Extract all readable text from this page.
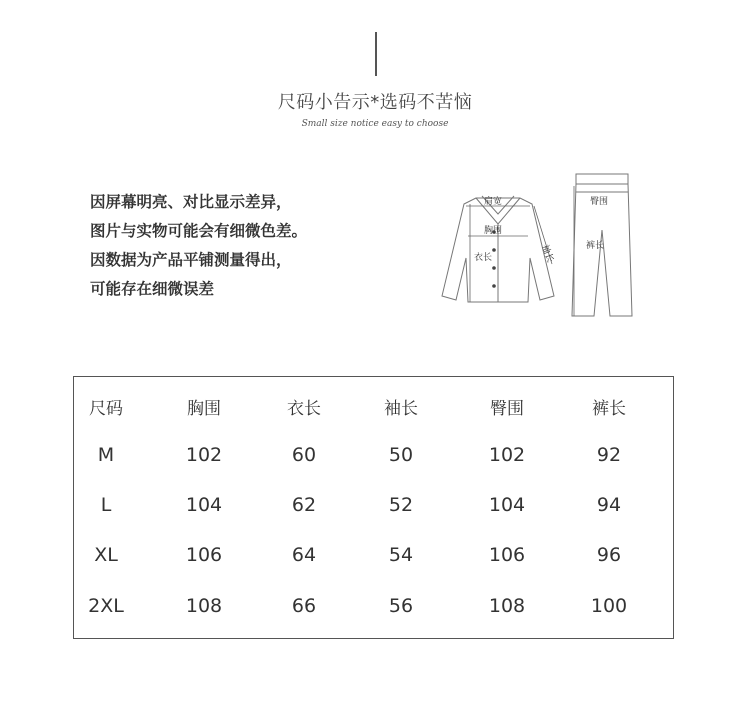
尺码小告示*选码不苦恼
Small size notice easy to choose
因屏幕明亮、对比显示差异，
图片与实物可能会有细微色差。
因数据为产品平铺测量得出，
可能存在细微误差
肩宽
胸围
臀围
衣长	袖长	裤长
尺码	胸围	衣长	袖长	臀围	裤长
M	102	60	50	102	92
L	104	62	52	104	94
XL	106	64	54	106	96
2XL	108	66	56	108	100
